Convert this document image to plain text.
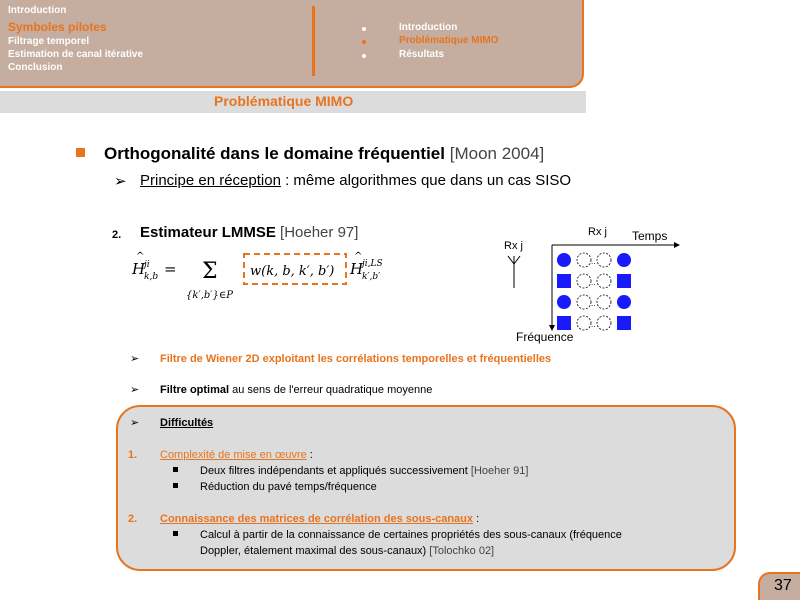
Introduction
Symboles pilotes
Filtrage temporel
Estimation de canal itérative
Conclusion
Introduction
Problématique MIMO
Résultats
Problématique MIMO
Orthogonalité dans le domaine fréquentiel [Moon 2004]
➢ Principe en réception : même algorithmes que dans un cas SISO
2. Estimateur LMMSE [Hoeher 97]
H
^
ji
k,b = Σ
{k′,b′}∈P
w(k, b, k′, b′) H
^
ji,LS
k′,b′
Rx j
Rx j Temps
Fréquence
..
..
..
..
➢ Filtre de Wiener 2D exploitant les corrélations temporelles et fréquentielles
➢ Filtre optimal au sens de l'erreur quadratique moyenne
➢ Difficultés
1. Complexité de mise en œuvre :
Deux filtres indépendants et appliqués successivement [Hoeher 91]
Réduction du pavé temps/fréquence
2. Connaissance des matrices de corrélation des sous-canaux :
Calcul à partir de la connaissance de certaines propriétés des sous-canaux (fréquence
Doppler, étalement maximal des sous-canaux) [Tolochko 02]
37
